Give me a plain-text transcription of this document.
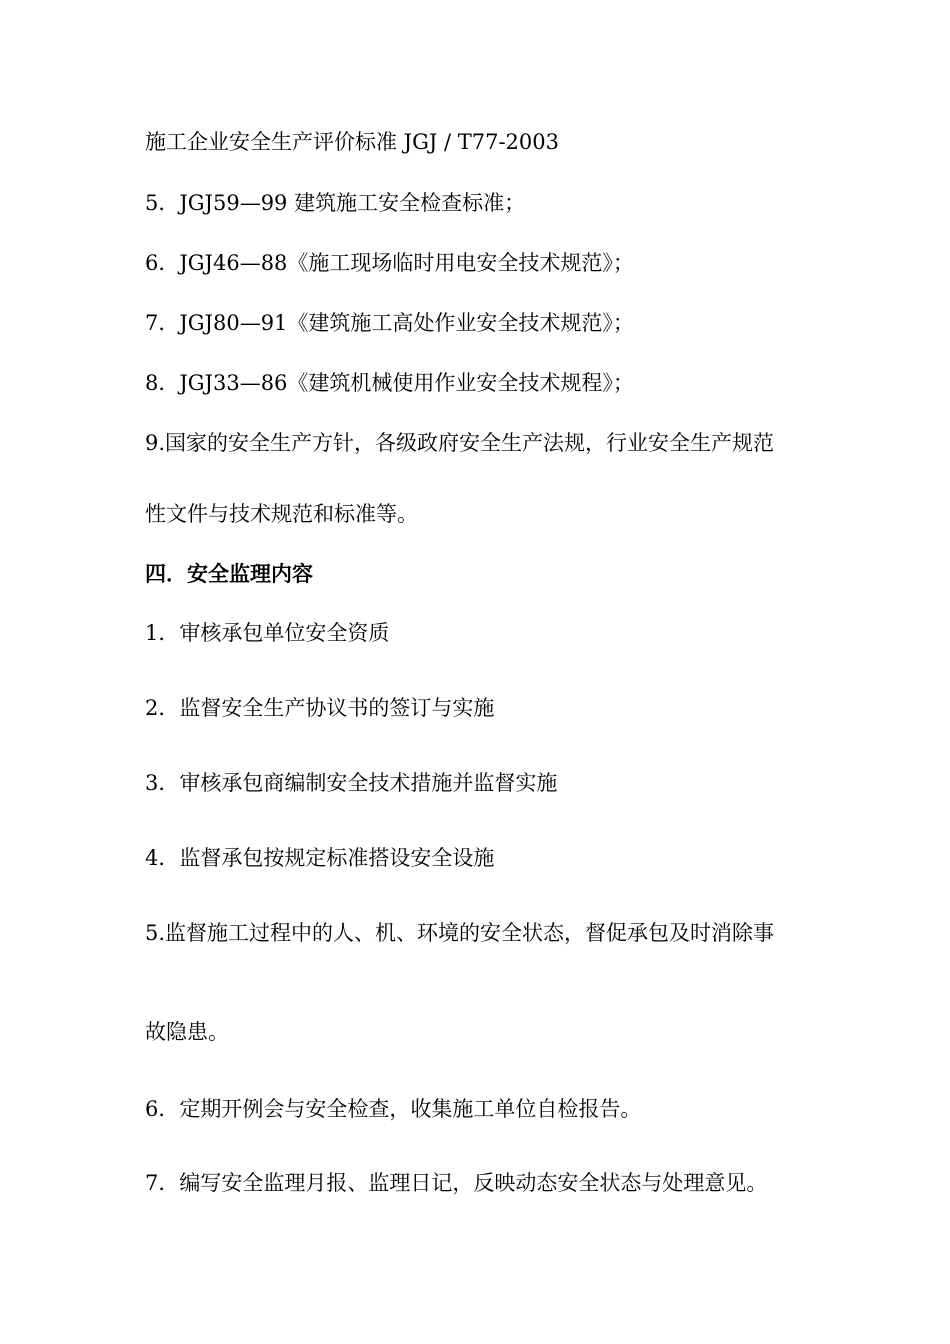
施工企业安全生产评价标准 JGJ / T77-2003
5．JGJ59—99 建筑施工安全检查标准；
6．JGJ46—88《施工现场临时用电安全技术规范》；
7．JGJ80—91《建筑施工高处作业安全技术规范》；
8．JGJ33—86《建筑机械使用作业安全技术规程》；
9.国家的安全生产方针，各级政府安全生产法规，行业安全生产规范
性文件与技术规范和标准等。
四．安全监理内容
1．审核承包单位安全资质
2．监督安全生产协议书的签订与实施
3．审核承包商编制安全技术措施并监督实施
4．监督承包按规定标准搭设安全设施
5.监督施工过程中的人、机、环境的安全状态，督促承包及时消除事
故隐患。
6．定期开例会与安全检查，收集施工单位自检报告。
7．编写安全监理月报、监理日记，反映动态安全状态与处理意见。
